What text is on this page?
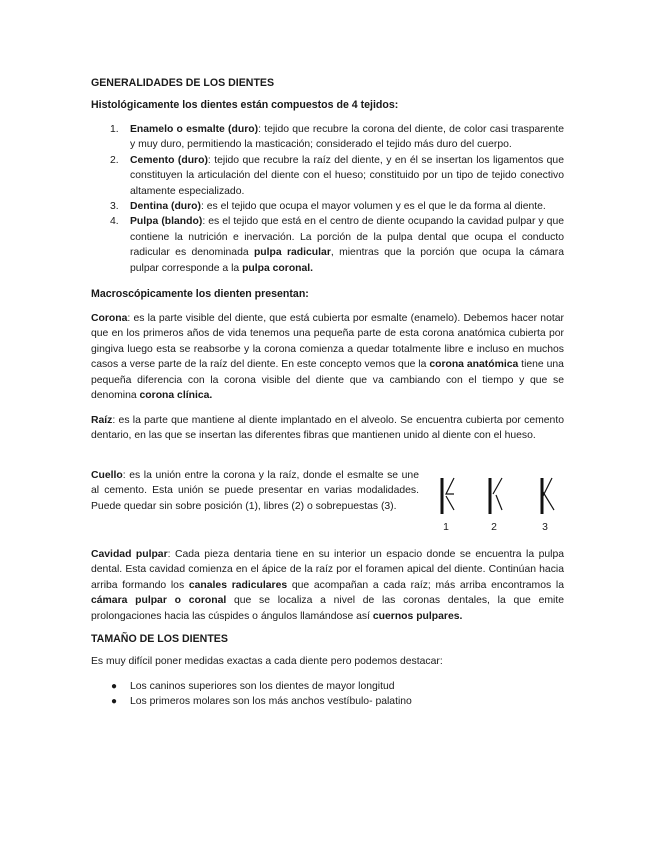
GENERALIDADES DE LOS DIENTES
Histológicamente los dientes están compuestos de 4 tejidos:
1. Enamelo o esmalte (duro): tejido que recubre la corona del diente, de color casi trasparente y muy duro, permitiendo la masticación; considerado el tejido más duro del cuerpo.
2. Cemento (duro): tejido que recubre la raíz del diente, y en él se insertan los ligamentos que constituyen la articulación del diente con el hueso; constituido por un tipo de tejido conectivo altamente especializado.
3. Dentina (duro): es el tejido que ocupa el mayor volumen y es el que le da forma al diente.
4. Pulpa (blando): es el tejido que está en el centro de diente ocupando la cavidad pulpar y que contiene la nutrición e inervación. La porción de la pulpa dental que ocupa el conducto radicular es denominada pulpa radicular, mientras que la porción que ocupa la cámara pulpar corresponde a la pulpa coronal.
Macroscópicamente los dienten presentan:

Corona: es la parte visible del diente, que está cubierta por esmalte (enamelo). Debemos hacer notar que en los primeros años de vida tenemos una pequeña parte de esta corona anatómica cubierta por gingiva luego esta se reabsorbe y la corona comienza a quedar totalmente libre e incluso en muchos casos a verse parte de la raíz del diente. En este concepto vemos que la corona anatómica tiene una pequeña diferencia con la corona visible del diente que va cambiando con el tiempo y que se denomina corona clínica.

Raíz: es la parte que mantiene al diente implantado en el alveolo. Se encuentra cubierta por cemento dentario, en las que se insertan las diferentes fibras que mantienen unido al diente con el hueso.

Cuello: es la unión entre la corona y la raíz, donde el esmalte se une al cemento. Esta unión se puede presentar en varias modalidades. Puede quedar sin sobre posición (1), libres (2) o sobrepuestas (3).

1	2	3

Cavidad pulpar: Cada pieza dentaria tiene en su interior un espacio donde se encuentra la pulpa dental. Esta cavidad comienza en el ápice de la raíz por el foramen apical del diente. Continúan hacia arriba formando los canales radiculares que acompañan a cada raíz; más arriba encontramos la cámara pulpar o coronal que se localiza a nivel de las coronas dentales, la que emite prolongaciones hacia las cúspides o ángulos llamándose así cuernos pulpares.

TAMAÑO DE LOS DIENTES
Es muy difícil poner medidas exactas a cada diente pero podemos destacar:
● Los caninos superiores son los dientes de mayor longitud
● Los primeros molares son los más anchos vestíbulo- palatino
